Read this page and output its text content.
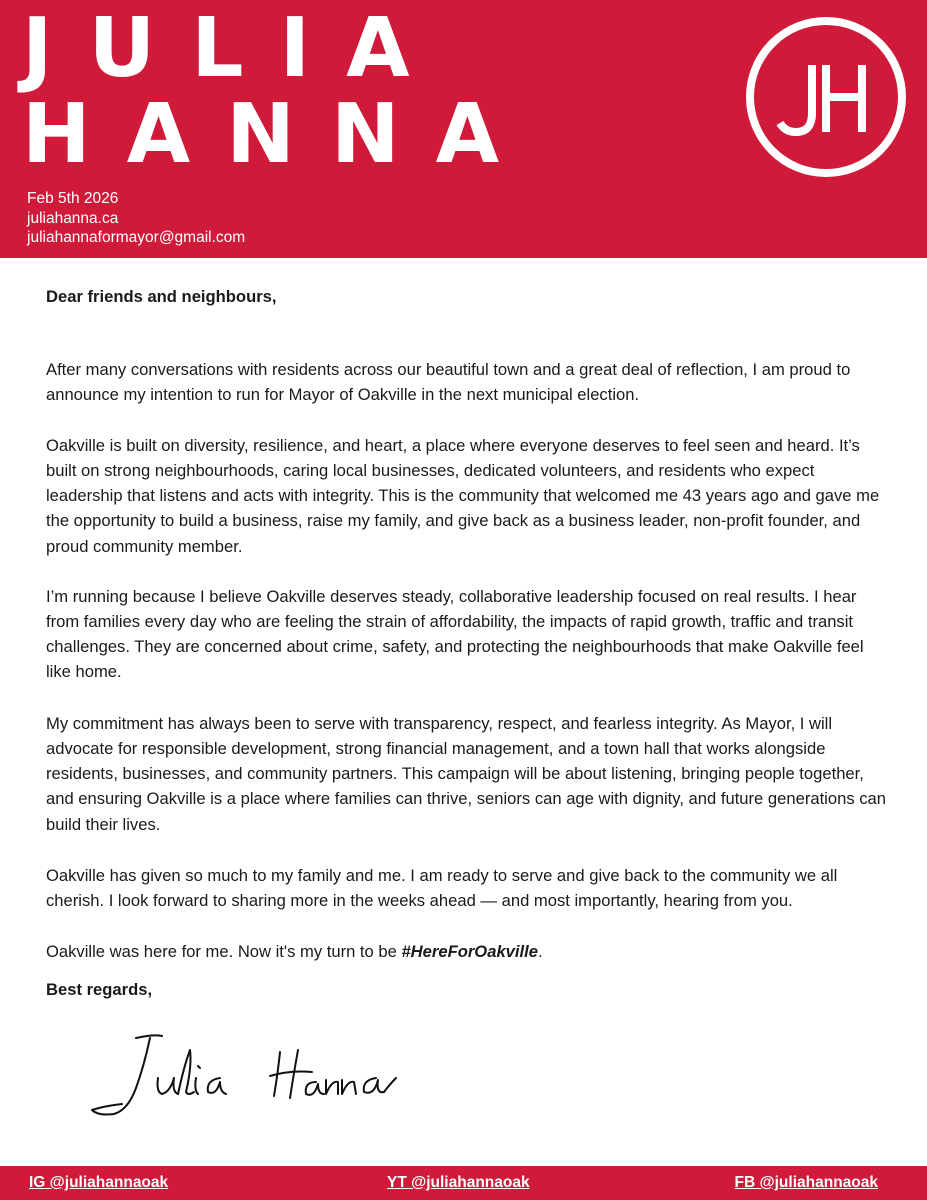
JULIA
HANNA
Feb 5th 2026
juliahanna.ca
juliahannaformayor@gmail.com
Dear friends and neighbours,

After many conversations with residents across our beautiful town and a great deal of reflection, I am proud to announce my intention to run for Mayor of Oakville in the next municipal election.

Oakville is built on diversity, resilience, and heart, a place where everyone deserves to feel seen and heard. It’s built on strong neighbourhoods, caring local businesses, dedicated volunteers, and residents who expect leadership that listens and acts with integrity. This is the community that welcomed me 43 years ago and gave me the opportunity to build a business, raise my family, and give back as a business leader, non-profit founder, and proud community member.

I’m running because I believe Oakville deserves steady, collaborative leadership focused on real results. I hear from families every day who are feeling the strain of affordability, the impacts of rapid growth, traffic and transit challenges. They are concerned about crime, safety, and protecting the neighbourhoods that make Oakville feel like home.

My commitment has always been to serve with transparency, respect, and fearless integrity. As Mayor, I will advocate for responsible development, strong financial management, and a town hall that works alongside residents, businesses, and community partners. This campaign will be about listening, bringing people together, and ensuring Oakville is a place where families can thrive, seniors can age with dignity, and future generations can build their lives.

Oakville has given so much to my family and me. I am ready to serve and give back to the community we all cherish. I look forward to sharing more in the weeks ahead — and most importantly, hearing from you.

Oakville was here for me. Now it's my turn to be #HereForOakville.

Best regards,
IG @juliahannaoak	YT @juliahannaoak	FB @juliahannaoak
